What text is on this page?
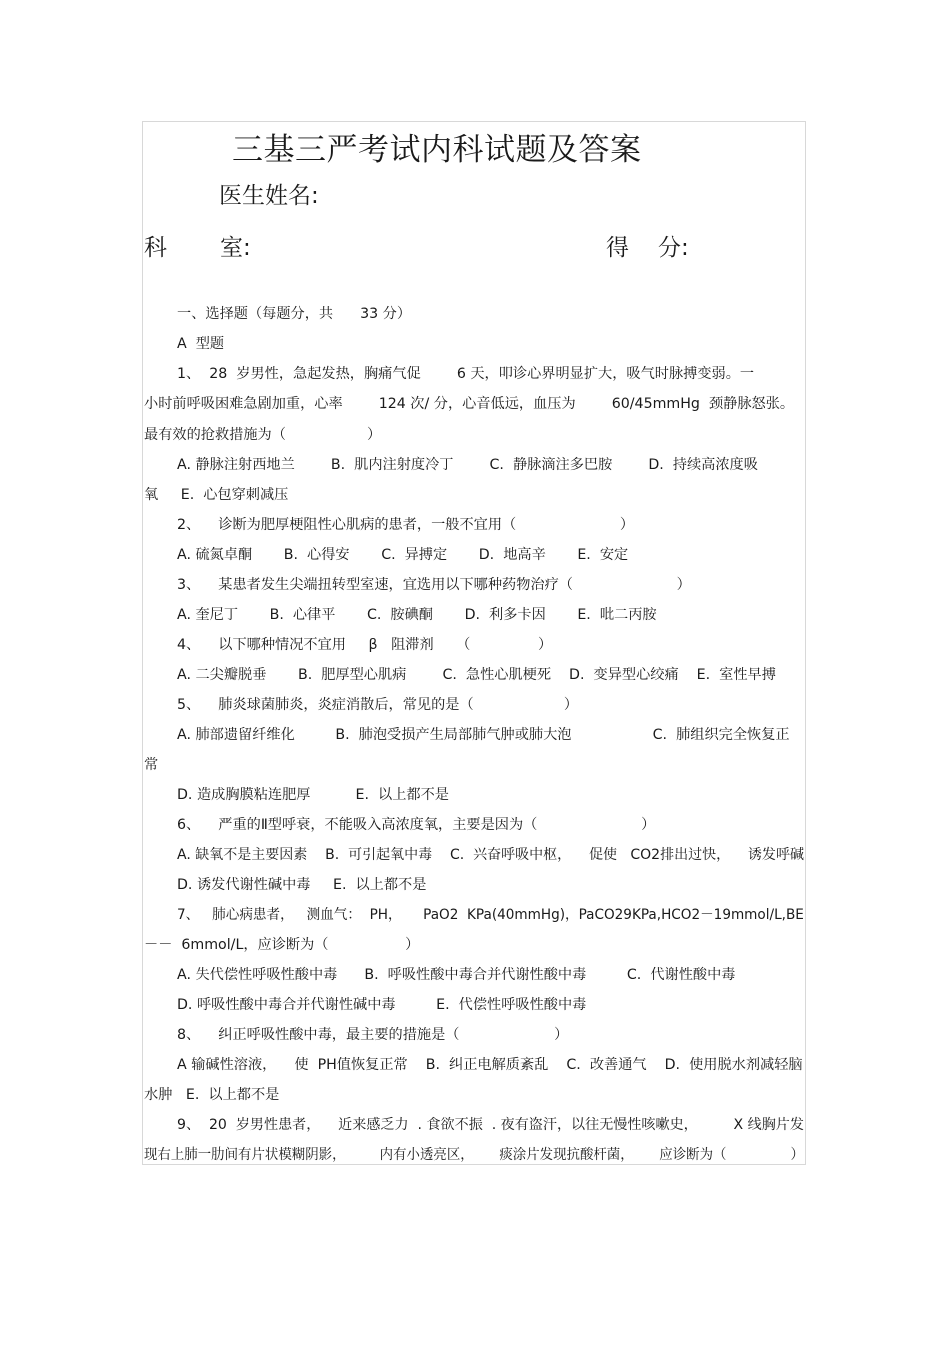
三基三严考试内科试题及答案
医生姓名:
科 室:	得 分:
一、选择题（每题分，共      33 分）
A  型题
1、  28  岁男性，急起发热，胸痛气促        6 天，叩诊心界明显扩大，吸气时脉搏变弱。一
小时前呼吸困难急剧加重，心率        124 次/ 分，心音低远，血压为        60/45mmHg  颈静脉怒张。
最有效的抢救措施为（                  ）
A. 静脉注射西地兰        B.  肌内注射度冷丁        C.  静脉滴注多巴胺        D.  持续高浓度吸
氧     E.  心包穿刺减压
2、    诊断为肥厚梗阻性心肌病的患者，一般不宜用（                       ）
A. 硫氮卓酮       B.  心得安       C.  异搏定       D.  地高辛       E.  安定
3、    某患者发生尖端扭转型室速，宜选用以下哪种药物治疗（                       ）
A. 奎尼丁       B.  心律平       C.  胺碘酮       D.  利多卡因       E.  吡二丙胺
4、    以下哪种情况不宜用     β   阻滞剂     （               ）
A. 二尖瓣脱垂       B.  肥厚型心肌病        C.  急性心肌梗死    D.  变异型心绞痛    E.  室性早搏
5、    肺炎球菌肺炎，炎症消散后，常见的是（                    ）
A. 肺部遗留纤维化         B.  肺泡受损产生局部肺气肿或肺大泡                  C.  肺组织完全恢复正
常
D. 造成胸膜粘连肥厚          E.  以上都不是
6、    严重的Ⅱ型呼衰，不能吸入高浓度氧，主要是因为（                       ）
A. 缺氧不是主要因素    B.  可引起氧中毒    C.  兴奋呼吸中枢，    促使   CO2排出过快，    诱发呼碱
D. 诱发代谢性碱中毒     E.  以上都不是
7、   肺心病患者，   测血气：  PH，     PaO2  KPa(40mmHg)，PaCO29KPa,HCO2－19mmol/L,BE
－－  6mmol/L，应诊断为（                 ）
A. 失代偿性呼吸性酸中毒      B.  呼吸性酸中毒合并代谢性酸中毒         C.  代谢性酸中毒
D. 呼吸性酸中毒合并代谢性碱中毒         E.  代偿性呼吸性酸中毒
8、    纠正呼吸性酸中毒，最主要的措施是（                     ）
A 输碱性溶液，    使  PH值恢复正常    B.  纠正电解质紊乱    C.  改善通气    D.  使用脱水剂减轻脑
水肿   E.  以上都不是
9、  20  岁男性患者，    近来感乏力  . 食欲不振  . 夜有盗汗，以往无慢性咳嗽史，        X 线胸片发
现右上肺一肋间有片状模糊阴影，        内有小透亮区，      痰涂片发现抗酸杆菌，      应诊断为（               ）
